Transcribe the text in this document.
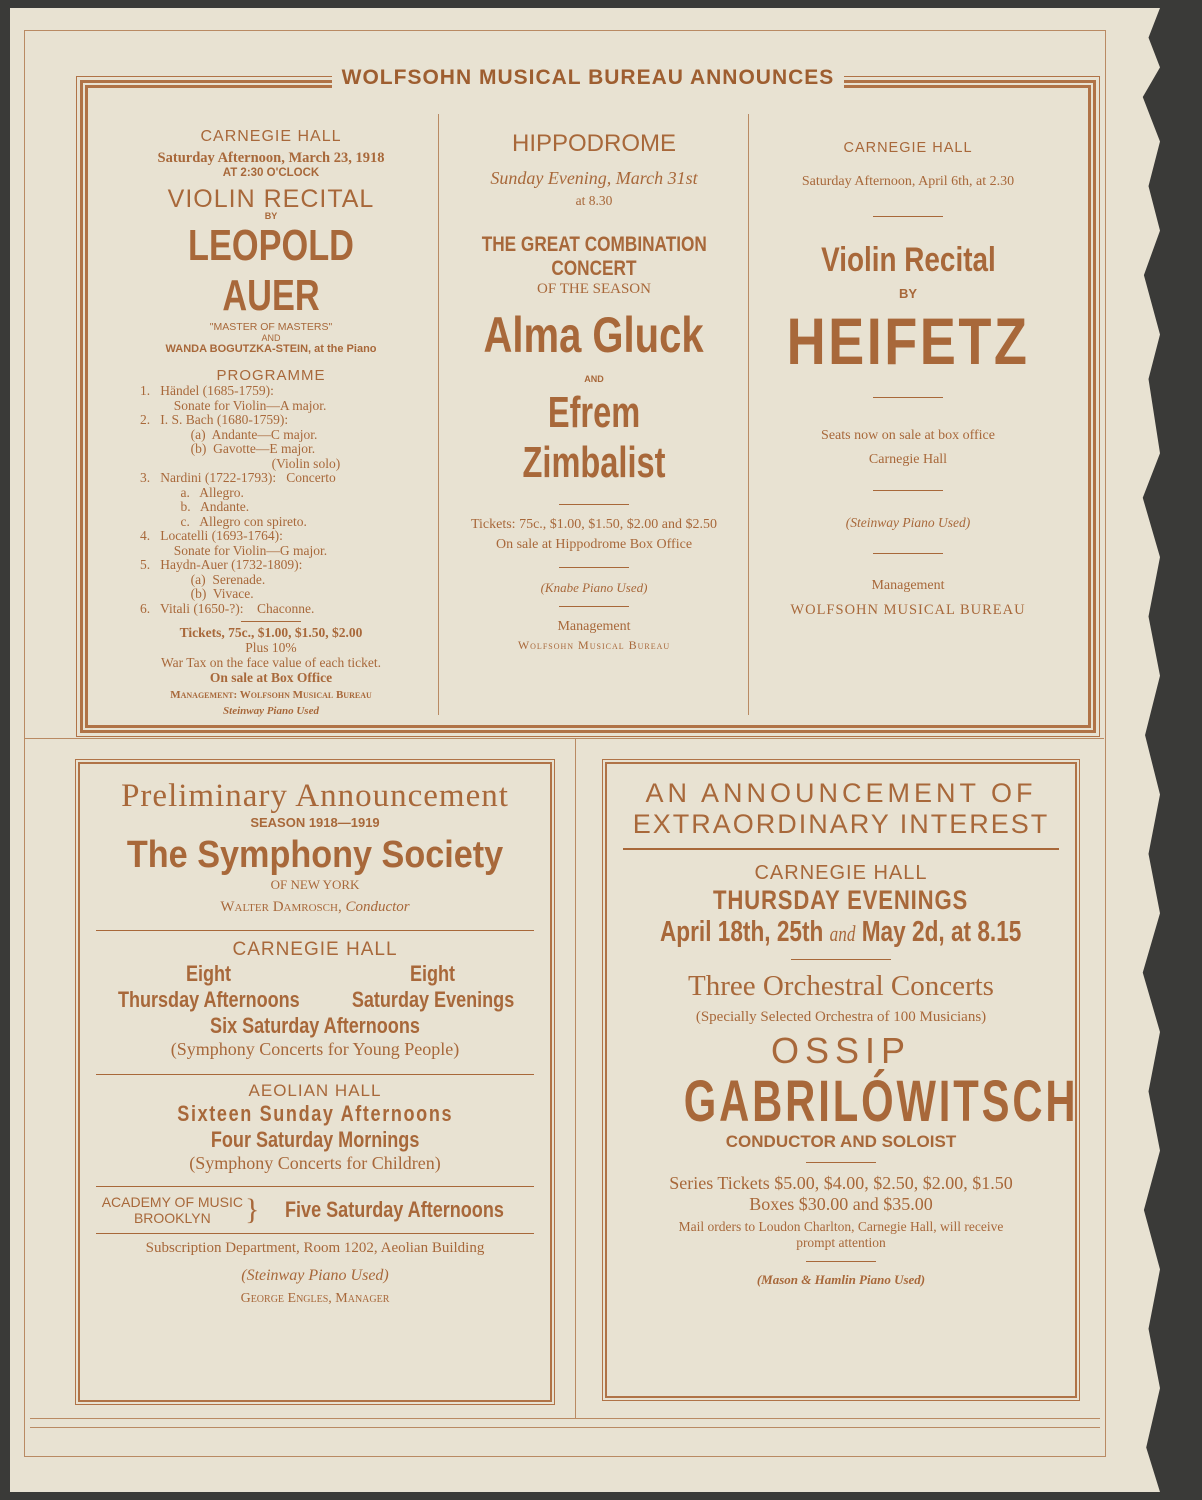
WOLFSOHN MUSICAL BUREAU ANNOUNCES
CARNEGIE HALL
Saturday Afternoon, March 23, 1918
AT 2:30 O'CLOCK
VIOLIN RECITAL
BY
LEOPOLD AUER
"MASTER OF MASTERS"
AND
WANDA BOGUTZKA-STEIN, at the Piano
PROGRAMME
1.   Händel (1685-1759):
Sonate for Violin—A major.
2.   I. S. Bach (1680-1759):
(a)  Andante—C major.
(b)  Gavotte—E major.
(Violin solo)
3.   Nardini (1722-1793):   Concerto
a.   Allegro.
b.   Andante.
c.   Allegro con spireto.
4.   Locatelli (1693-1764):
Sonate for Violin—G major.
5.   Haydn-Auer (1732-1809):
(a)  Serenade.
(b)  Vivace.
6.   Vitali (1650-?):    Chaconne.
Tickets, 75c., $1.00, $1.50, $2.00
Plus 10%
War Tax on the face value of each ticket.
On sale at Box Office
Management: Wolfsohn Musical Bureau
Steinway Piano Used
HIPPODROME
Sunday Evening, March 31st
at 8.30
THE GREAT COMBINATION
CONCERT
OF THE SEASON
Alma Gluck
AND
Efrem Zimbalist
Tickets: 75c., $1.00, $1.50, $2.00 and $2.50
On sale at Hippodrome Box Office
(Knabe Piano Used)
Management
Wolfsohn Musical Bureau
CARNEGIE HALL
Saturday Afternoon, April 6th, at 2.30
Violin Recital
BY
HEIFETZ
Seats now on sale at box office
Carnegie Hall
(Steinway Piano Used)
Management
WOLFSOHN MUSICAL BUREAU
Preliminary Announcement
SEASON 1918—1919
The Symphony Society
OF NEW YORK
Walter Damrosch, Conductor
CARNEGIE HALL
Eight
Thursday Afternoons
Eight
Saturday Evenings
Six Saturday Afternoons
(Symphony Concerts for Young People)
AEOLIAN HALL
Sixteen Sunday Afternoons
Four Saturday Mornings
(Symphony Concerts for Children)
ACADEMY OF MUSIC
BROOKLYN	} Five Saturday Afternoons
Subscription Department, Room 1202, Aeolian Building
(Steinway Piano Used)
George Engles, Manager
AN ANNOUNCEMENT OF
EXTRAORDINARY INTEREST
CARNEGIE HALL
THURSDAY EVENINGS
April 18th, 25th and May 2d, at 8.15
Three Orchestral Concerts
(Specially Selected Orchestra of 100 Musicians)
OSSIP
GABRILÓWITSCH
CONDUCTOR AND SOLOIST
Series Tickets $5.00, $4.00, $2.50, $2.00, $1.50
Boxes $30.00 and $35.00
Mail orders to Loudon Charlton, Carnegie Hall, will receive
prompt attention
(Mason & Hamlin Piano Used)
